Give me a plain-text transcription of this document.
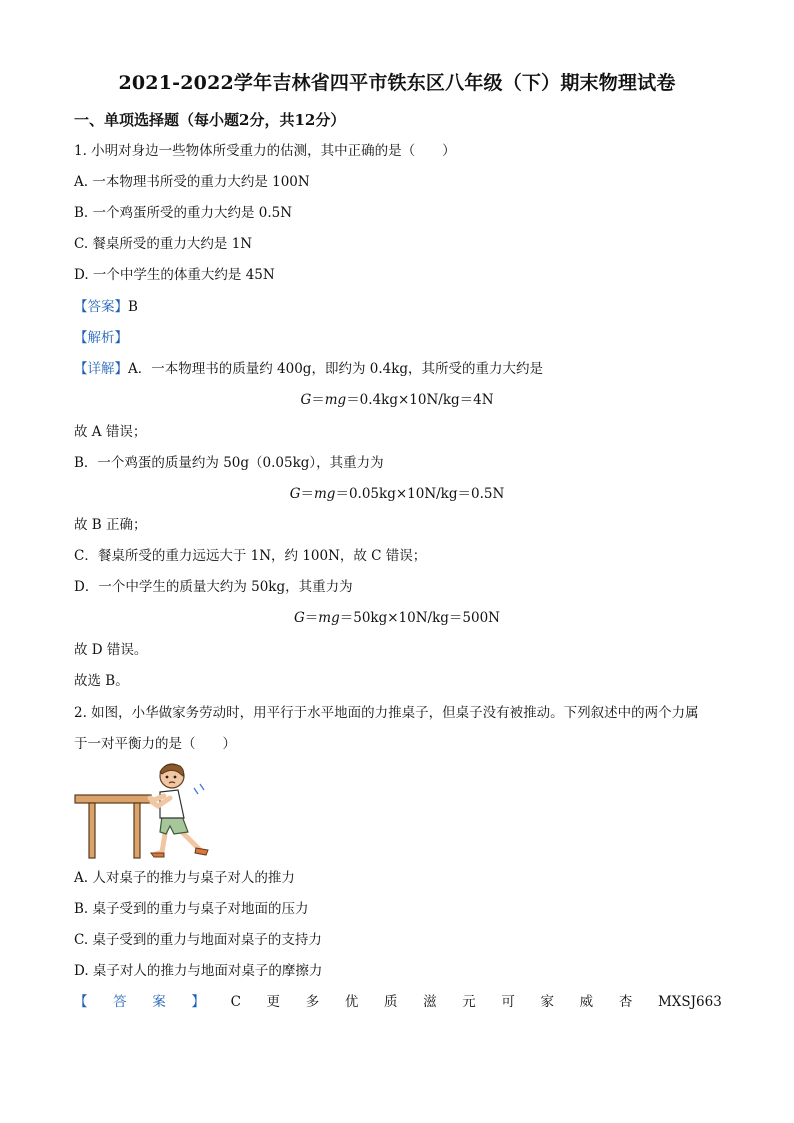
2021-2022学年吉林省四平市铁东区八年级（下）期末物理试卷
一、单项选择题（每小题2分，共12分）
1. 小明对身边一些物体所受重力的估测，其中正确的是（　　）
A. 一本物理书所受的重力大约是 100N
B. 一个鸡蛋所受的重力大约是 0.5N
C. 餐桌所受的重力大约是 1N
D. 一个中学生的体重大约是 45N
【答案】B
【解析】
【详解】A．一本物理书的质量约 400g，即约为 0.4kg，其所受的重力大约是
G＝mg＝0.4kg×10N/kg＝4N
故 A 错误；
B．一个鸡蛋的质量约为 50g（0.05kg），其重力为
G＝mg＝0.05kg×10N/kg＝0.5N
故 B 正确；
C．餐桌所受的重力远远大于 1N，约 100N，故 C 错误；
D．一个中学生的质量大约为 50kg，其重力为
G＝mg＝50kg×10N/kg＝500N
故 D 错误。
故选 B。
2. 如图，小华做家务劳动时，用平行于水平地面的力推桌子，但桌子没有被推动。下列叙述中的两个力属
于一对平衡力的是（　　）
A. 人对桌子的推力与桌子对人的推力
B. 桌子受到的重力与桌子对地面的压力
C. 桌子受到的重力与地面对桌子的支持力
D. 桌子对人的推力与地面对桌子的摩擦力
【 答 案 】 C 更 多 优 质 滋 元 可 家 威 杏 MXSJ663
